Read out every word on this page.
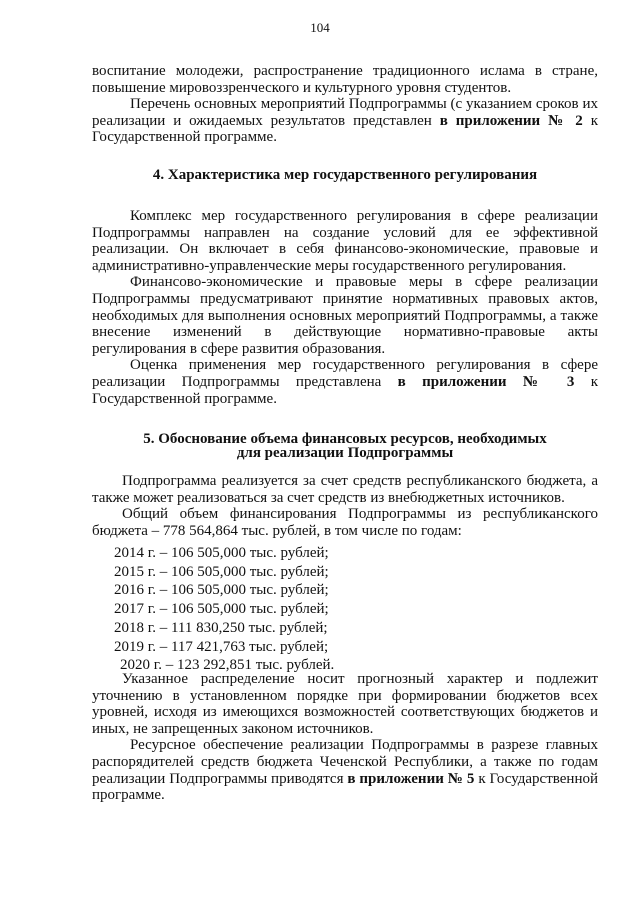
104

воспитание молодежи, распространение традиционного ислама в стране, повышение мировоззренческого и культурного уровня студентов.

Перечень основных мероприятий Подпрограммы (с указанием сроков их реализации и ожидаемых результатов представлен в приложении № 2 к Государственной программе.

4. Характеристика мер государственного регулирования

Комплекс мер государственного регулирования в сфере реализации Подпрограммы направлен на создание условий для ее эффективной реализации. Он включает в себя финансово-экономические, правовые и административно-управленческие меры государственного регулирования.

Финансово-экономические и правовые меры в сфере реализации Подпрограммы предусматривают принятие нормативных правовых актов, необходимых для выполнения основных мероприятий Подпрограммы, а также внесение изменений в действующие нормативно-правовые акты регулирования в сфере развития образования.

Оценка применения мер государственного регулирования в сфере реализации Подпрограммы представлена в приложении № 3 к Государственной программе.

5. Обоснование объема финансовых ресурсов, необходимых

для реализации Подпрограммы

Подпрограмма реализуется за счет средств республиканского бюджета, а также может реализоваться за счет средств из внебюджетных источников.

Общий объем финансирования Подпрограммы из республиканского бюджета – 778 564,864 тыс. рублей, в том числе по годам:

2014 г. – 106 505,000 тыс. рублей;

2015 г. – 106 505,000 тыс. рублей;

2016 г. – 106 505,000 тыс. рублей;

2017 г. – 106 505,000 тыс. рублей;

2018 г. – 111 830,250 тыс. рублей;

2019 г. – 117 421,763 тыс. рублей;

2020 г. – 123 292,851 тыс. рублей.

Указанное распределение носит прогнозный характер и подлежит уточнению в установленном порядке при формировании бюджетов всех уровней, исходя из имеющихся возможностей соответствующих бюджетов и иных, не запрещенных законом источников.

Ресурсное обеспечение реализации Подпрограммы в разрезе главных распорядителей средств бюджета Чеченской Республики, а также по годам реализации Подпрограммы приводятся в приложении № 5 к Государственной программе.
